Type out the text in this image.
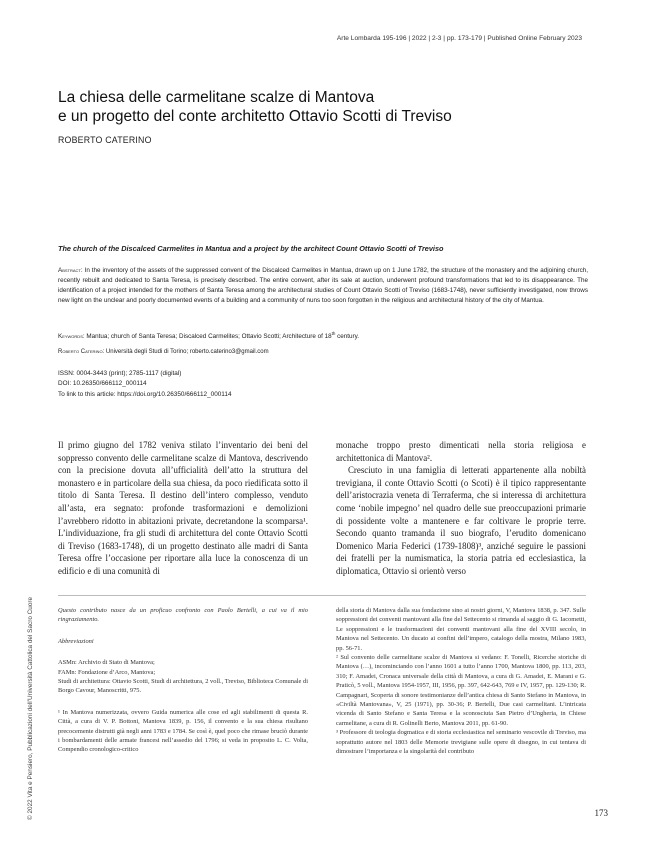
Arte Lombarda 195-196 | 2022 | 2-3 | pp. 173-179 | Published Online February 2023
La chiesa delle carmelitane scalze di Mantova
e un progetto del conte architetto Ottavio Scotti di Treviso
ROBERTO CATERINO
The church of the Discalced Carmelites in Mantua and a project by the architect Count Ottavio Scotti of Treviso

Abstract: In the inventory of the assets of the suppressed convent of the Discalced Carmelites in Mantua, drawn up on 1 June 1782, the structure of the monastery and the adjoining church, recently rebuilt and dedicated to Santa Teresa, is precisely described. The entire convent, after its sale at auction, underwent profound transformations that led to its disappearance. The identification of a project intended for the mothers of Santa Teresa among the architectural studies of Count Ottavio Scotti of Treviso (1683-1748), never sufficiently investigated, now throws new light on the unclear and poorly documented events of a building and a community of nuns too soon forgotten in the religious and architectural history of the city of Mantua.

Keywords: Mantua; church of Santa Teresa; Discalced Carmelites; Ottavio Scotti; Architecture of 18th century.

Roberto Caterino: Università degli Studi di Torino; roberto.caterino3@gmail.com

ISSN: 0004-3443 (print); 2785-1117 (digital)
DOI: 10.26350/666112_000114
To link to this article: https://doi.org/10.26350/666112_000114

Il primo giugno del 1782 veniva stilato l’inventario dei beni del soppresso convento delle carmelitane scalze di Mantova, descrivendo con la precisione dovuta all’ufficialità dell’atto la struttura del monastero e in particolare della sua chiesa, da poco riedificata sotto il titolo di Santa Teresa. Il destino dell’intero complesso, venduto all’asta, era segnato: profonde trasformazioni e demolizioni l’avrebbero ridotto in abitazioni private, decretandone la scomparsa¹. L’individuazione, fra gli studi di architettura del conte Ottavio Scotti di Treviso (1683-1748), di un progetto destinato alle madri di Santa Teresa offre l’occasione per riportare alla luce la conoscenza di un edificio e di una comunità di

monache troppo presto dimenticati nella storia religiosa e architettonica di Mantova².

Cresciuto in una famiglia di letterati appartenente alla nobiltà trevigiana, il conte Ottavio Scotti (o Scoti) è il tipico rappresentante dell’aristocrazia veneta di Terraferma, che si interessa di architettura come ‘nobile impegno’ nel quadro delle sue preoccupazioni primarie di possidente volte a mantenere e far coltivare le proprie terre. Secondo quanto tramanda il suo biografo, l’erudito domenicano Domenico Maria Federici (1739-1808)³, anziché seguire le passioni dei fratelli per la numismatica, la storia patria ed ecclesiastica, la diplomatica, Ottavio si orientò verso

Questo contributo nasce da un proficuo confronto con Paolo Bertelli, a cui va il mio ringraziamento.

Abbreviazioni

ASMn: Archivio di Stato di Mantova;

FAMn: Fondazione d’Arco, Mantova;

Studi di architettura: Ottavio Scotti, Studi di architettura, 2 voll., Treviso, Biblioteca Comunale di Borgo Cavour, Manoscritti, 975.

¹ In Mantova numerizzata, ovvero Guida numerica alle cose ed agli stabilimenti di questa R. Città, a cura di V. P. Bottoni, Mantova 1839, p. 156, il convento e la sua chiesa risultano precocemente distrutti già negli anni 1783 e 1784. Se così è, quel poco che rimase bruciò durante i bombardamenti delle armate francesi nell’assedio del 1796; si veda in proposito L. C. Volta, Compendio cronologico-critico

della storia di Mantova dalla sua fondazione sino ai nostri giorni, V, Mantova 1838, p. 347. Sulle soppressioni dei conventi mantovani alla fine del Settecento si rimanda al saggio di G. Iacometti, Le soppressioni e le trasformazioni dei conventi mantovani alla fine del XVIII secolo, in Mantova nel Settecento. Un ducato ai confini dell’impero, catalogo della mostra, Milano 1983, pp. 56-71.

² Sul convento delle carmelitane scalze di Mantova si vedano: F. Tonelli, Ricerche storiche di Mantova (…), incominciando con l’anno 1601 a tutto l’anno 1700, Mantova 1800, pp. 113, 203, 310; F. Amadei, Cronaca universale della città di Mantova, a cura di G. Amadei, E. Marani e G. Praticò, 5 voll., Mantova 1954-1957, III, 1956, pp. 397, 642-643, 769 e IV, 1957, pp. 129-130; R. Campagnari, Scoperta di sonore testimonianze dell’antica chiesa di Santo Stefano in Mantova, in «Civiltà Mantovana», V, 25 (1971), pp. 30-36; P. Bertelli, Due casi carmelitani. L’intricata vicenda di Santo Stefano e Santa Teresa e la sconosciuta San Pietro d’Ungheria, in Chiese carmelitane, a cura di R. Golinelli Berto, Mantova 2011, pp. 61-90.

³ Professore di teologia dogmatica e di storia ecclesiastica nel seminario vescovile di Treviso, ma soprattutto autore nel 1803 delle Memorie trevigiane sulle opere di disegno, in cui tentava di dimostrare l’importanza e la singolarità del contributo

© 2022 Vita e Pensiero, Pubblicazioni dell’Università Cattolica del Sacro Cuore	173
